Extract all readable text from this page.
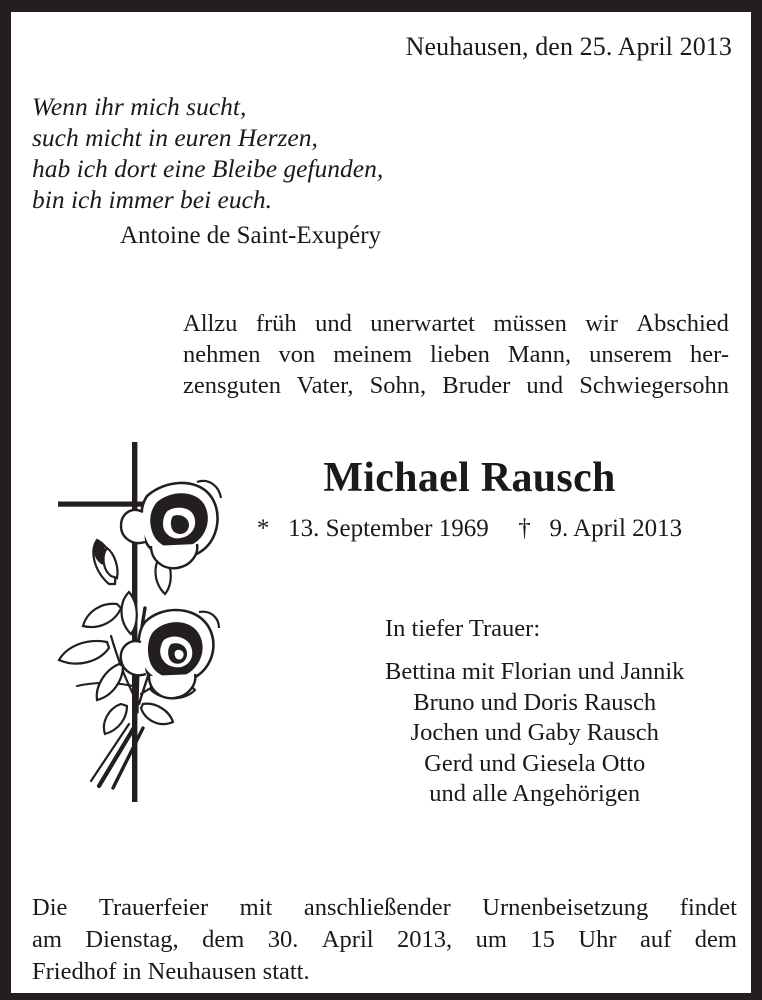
Neuhausen, den 25. April 2013
Wenn ihr mich sucht,
such micht in euren Herzen,
hab ich dort eine Bleibe gefunden,
bin ich immer bei euch.
Antoine de Saint-Exupéry
Allzu früh und unerwartet müssen wir Abschied
nehmen von meinem lieben Mann, unserem her-
zensguten Vater, Sohn, Bruder und Schwiegersohn
Michael Rausch
* 13. September 1969 † 9. April 2013
In tiefer Trauer:
Bettina mit Florian und Jannik
Bruno und Doris Rausch
Jochen und Gaby Rausch
Gerd und Giesela Otto
und alle Angehörigen
Die Trauerfeier mit anschließender Urnenbeisetzung findet
am Dienstag, dem 30. April 2013, um 15 Uhr auf dem
Friedhof in Neuhausen statt.
